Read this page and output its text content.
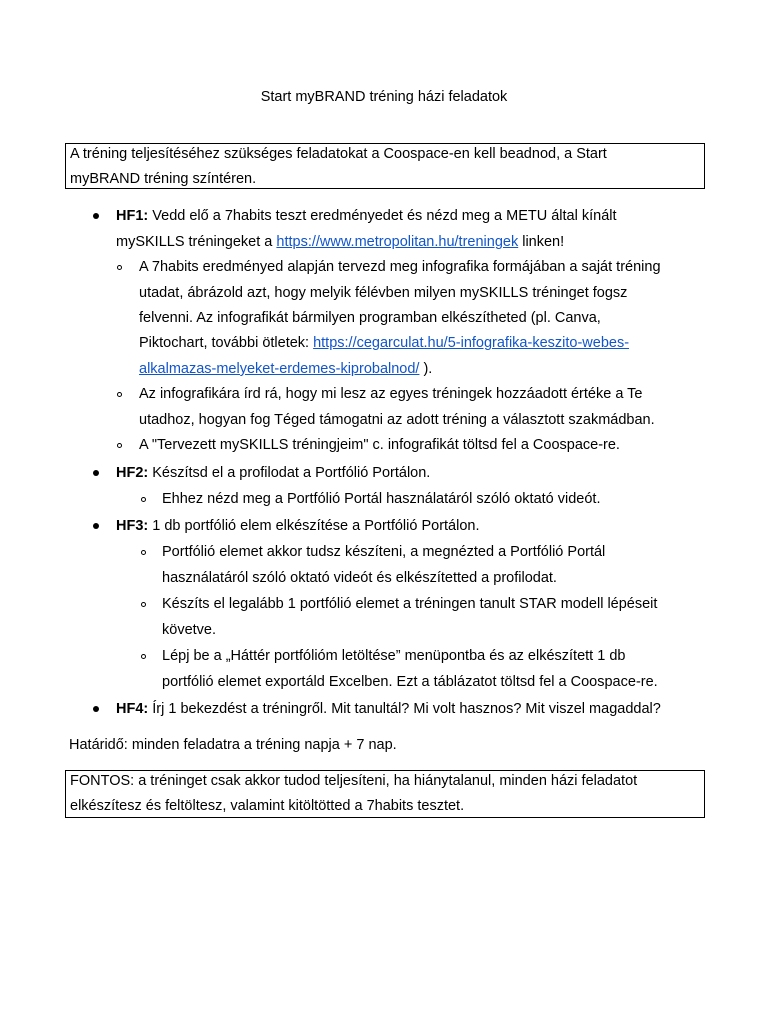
Start myBRAND tréning házi feladatok
A tréning teljesítéséhez szükséges feladatokat a Coospace-en kell beadnod, a Start
myBRAND tréning színtéren.
HF1: Vedd elő a 7habits teszt eredményedet és nézd meg a METU által kínált
mySKILLS tréningeket a https://www.metropolitan.hu/treningek linken!
A 7habits eredményed alapján tervezd meg infografika formájában a saját tréning
utadat, ábrázold azt, hogy melyik félévben milyen mySKILLS tréninget fogsz
felvenni. Az infografikát bármilyen programban elkészítheted (pl. Canva,
Piktochart, további ötletek: https://cegarculat.hu/5-infografika-keszito-webes-
alkalmazas-melyeket-erdemes-kiprobalnod/ ).
Az infografikára írd rá, hogy mi lesz az egyes tréningek hozzáadott értéke a Te
utadhoz, hogyan fog Téged támogatni az adott tréning a választott szakmádban.
A "Tervezett mySKILLS tréningjeim" c. infografikát töltsd fel a Coospace-re.
HF2: Készítsd el a profilodat a Portfólió Portálon.
Ehhez nézd meg a Portfólió Portál használatáról szóló oktató videót.
HF3: 1 db portfólió elem elkészítése a Portfólió Portálon.
Portfólió elemet akkor tudsz készíteni, a megnézted a Portfólió Portál
használatáról szóló oktató videót és elkészítetted a profilodat.
Készíts el legalább 1 portfólió elemet a tréningen tanult STAR modell lépéseit
követve.
Lépj be a „Háttér portfólióm letöltése” menüpontba és az elkészített 1 db
portfólió elemet exportáld Excelben. Ezt a táblázatot töltsd fel a Coospace-re.
HF4: Írj 1 bekezdést a tréningről. Mit tanultál? Mi volt hasznos? Mit viszel magaddal?
Határidő: minden feladatra a tréning napja + 7 nap.
FONTOS: a tréninget csak akkor tudod teljesíteni, ha hiánytalanul, minden házi feladatot
elkészítesz és feltöltesz, valamint kitöltötted a 7habits tesztet.
